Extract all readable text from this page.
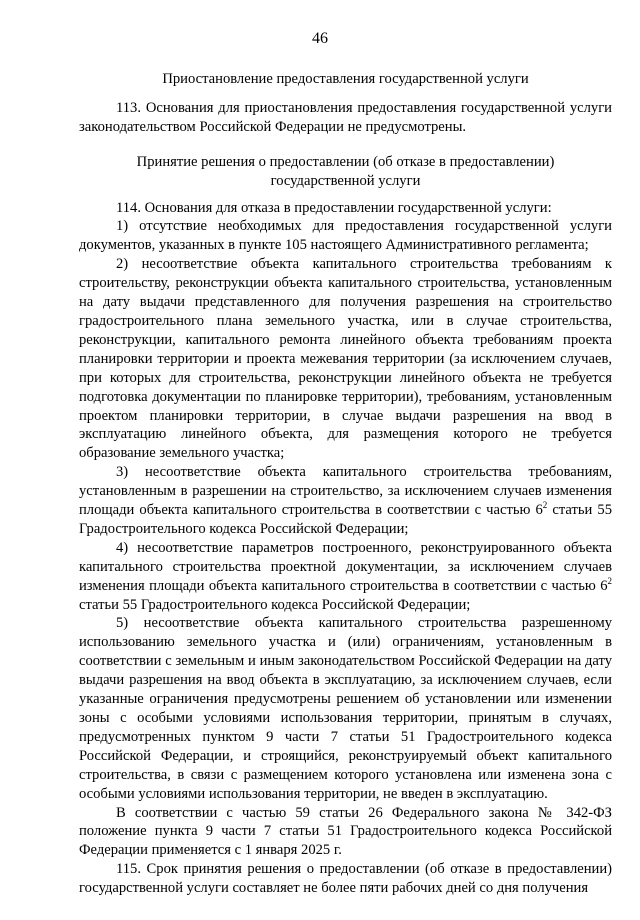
46

Приостановление предоставления государственной услуги

113. Основания для приостановления предоставления государственной услуги законодательством Российской Федерации не предусмотрены.

Принятие решения о предоставлении (об отказе в предоставлении)
государственной услуги

114. Основания для отказа в предоставлении государственной услуги:

1) отсутствие необходимых для предоставления государственной услуги документов, указанных в пункте 105 настоящего Административного регламента;

2) несоответствие объекта капитального строительства требованиям к строительству, реконструкции объекта капитального строительства, установленным на дату выдачи представленного для получения разрешения на строительство градостроительного плана земельного участка, или в случае строительства, реконструкции, капитального ремонта линейного объекта требованиям проекта планировки территории и проекта межевания территории (за исключением случаев, при которых для строительства, реконструкции линейного объекта не требуется подготовка документации по планировке территории), требованиям, установленным проектом планировки территории, в случае выдачи разрешения на ввод в эксплуатацию линейного объекта, для размещения которого не требуется образование земельного участка;

3) несоответствие объекта капитального строительства требованиям, установленным в разрешении на строительство, за исключением случаев изменения площади объекта капитального строительства в соответствии с частью $6^2$ статьи 55 Градостроительного кодекса Российской Федерации;

4) несоответствие параметров построенного, реконструированного объекта капитального строительства проектной документации, за исключением случаев изменения площади объекта капитального строительства в соответствии с частью $6^2$ статьи 55 Градостроительного кодекса Российской Федерации;

5) несоответствие объекта капитального строительства разрешенному использованию земельного участка и (или) ограничениям, установленным в соответствии с земельным и иным законодательством Российской Федерации на дату выдачи разрешения на ввод объекта в эксплуатацию, за исключением случаев, если указанные ограничения предусмотрены решением об установлении или изменении зоны с особыми условиями использования территории, принятым в случаях, предусмотренных пунктом 9 части 7 статьи 51 Градостроительного кодекса Российской Федерации, и строящийся, реконструируемый объект капитального строительства, в связи с размещением которого установлена или изменена зона с особыми условиями использования территории, не введен в эксплуатацию.

В соответствии с частью 59 статьи 26 Федерального закона № 342-ФЗ положение пункта 9 части 7 статьи 51 Градостроительного кодекса Российской Федерации применяется с 1 января 2025 г.

115. Срок принятия решения о предоставлении (об отказе в предоставлении) государственной услуги составляет не более пяти рабочих дней со дня получения
